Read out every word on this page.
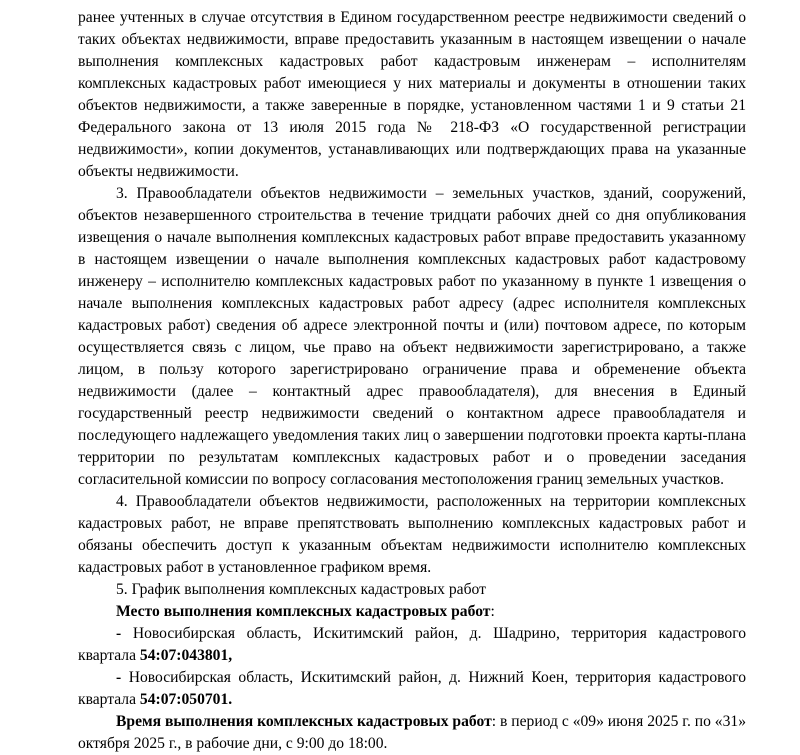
ранее учтенных в случае отсутствия в Едином государственном реестре недвижимости сведений о таких объектах недвижимости, вправе предоставить указанным в настоящем извещении о начале выполнения комплексных кадастровых работ кадастровым инженерам – исполнителям комплексных кадастровых работ имеющиеся у них материалы и документы в отношении таких объектов недвижимости, а также заверенные в порядке, установленном частями 1 и 9 статьи 21 Федерального закона от 13 июля 2015 года № 218-ФЗ «О государственной регистрации недвижимости», копии документов, устанавливающих или подтверждающих права на указанные объекты недвижимости.

3. Правообладатели объектов недвижимости – земельных участков, зданий, сооружений, объектов незавершенного строительства в течение тридцати рабочих дней со дня опубликования извещения о начале выполнения комплексных кадастровых работ вправе предоставить указанному в настоящем извещении о начале выполнения комплексных кадастровых работ кадастровому инженеру – исполнителю комплексных кадастровых работ по указанному в пункте 1 извещения о начале выполнения комплексных кадастровых работ адресу (адрес исполнителя комплексных кадастровых работ) сведения об адресе электронной почты и (или) почтовом адресе, по которым осуществляется связь с лицом, чье право на объект недвижимости зарегистрировано, а также лицом, в пользу которого зарегистрировано ограничение права и обременение объекта недвижимости (далее – контактный адрес правообладателя), для внесения в Единый государственный реестр недвижимости сведений о контактном адресе правообладателя и последующего надлежащего уведомления таких лиц о завершении подготовки проекта карты-плана территории по результатам комплексных кадастровых работ и о проведении заседания согласительной комиссии по вопросу согласования местоположения границ земельных участков.

4. Правообладатели объектов недвижимости, расположенных на территории комплексных кадастровых работ, не вправе препятствовать выполнению комплексных кадастровых работ и обязаны обеспечить доступ к указанным объектам недвижимости исполнителю комплексных кадастровых работ в установленное графиком время.

5. График выполнения комплексных кадастровых работ

Место выполнения комплексных кадастровых работ:

- Новосибирская область, Искитимский район, д. Шадрино, территория кадастрового квартала 54:07:043801,

- Новосибирская область, Искитимский район, д. Нижний Коен, территория кадастрового квартала 54:07:050701.

Время выполнения комплексных кадастровых работ: в период с «09» июня 2025 г. по «31» октября 2025 г., в рабочие дни, с 9:00 до 18:00.
